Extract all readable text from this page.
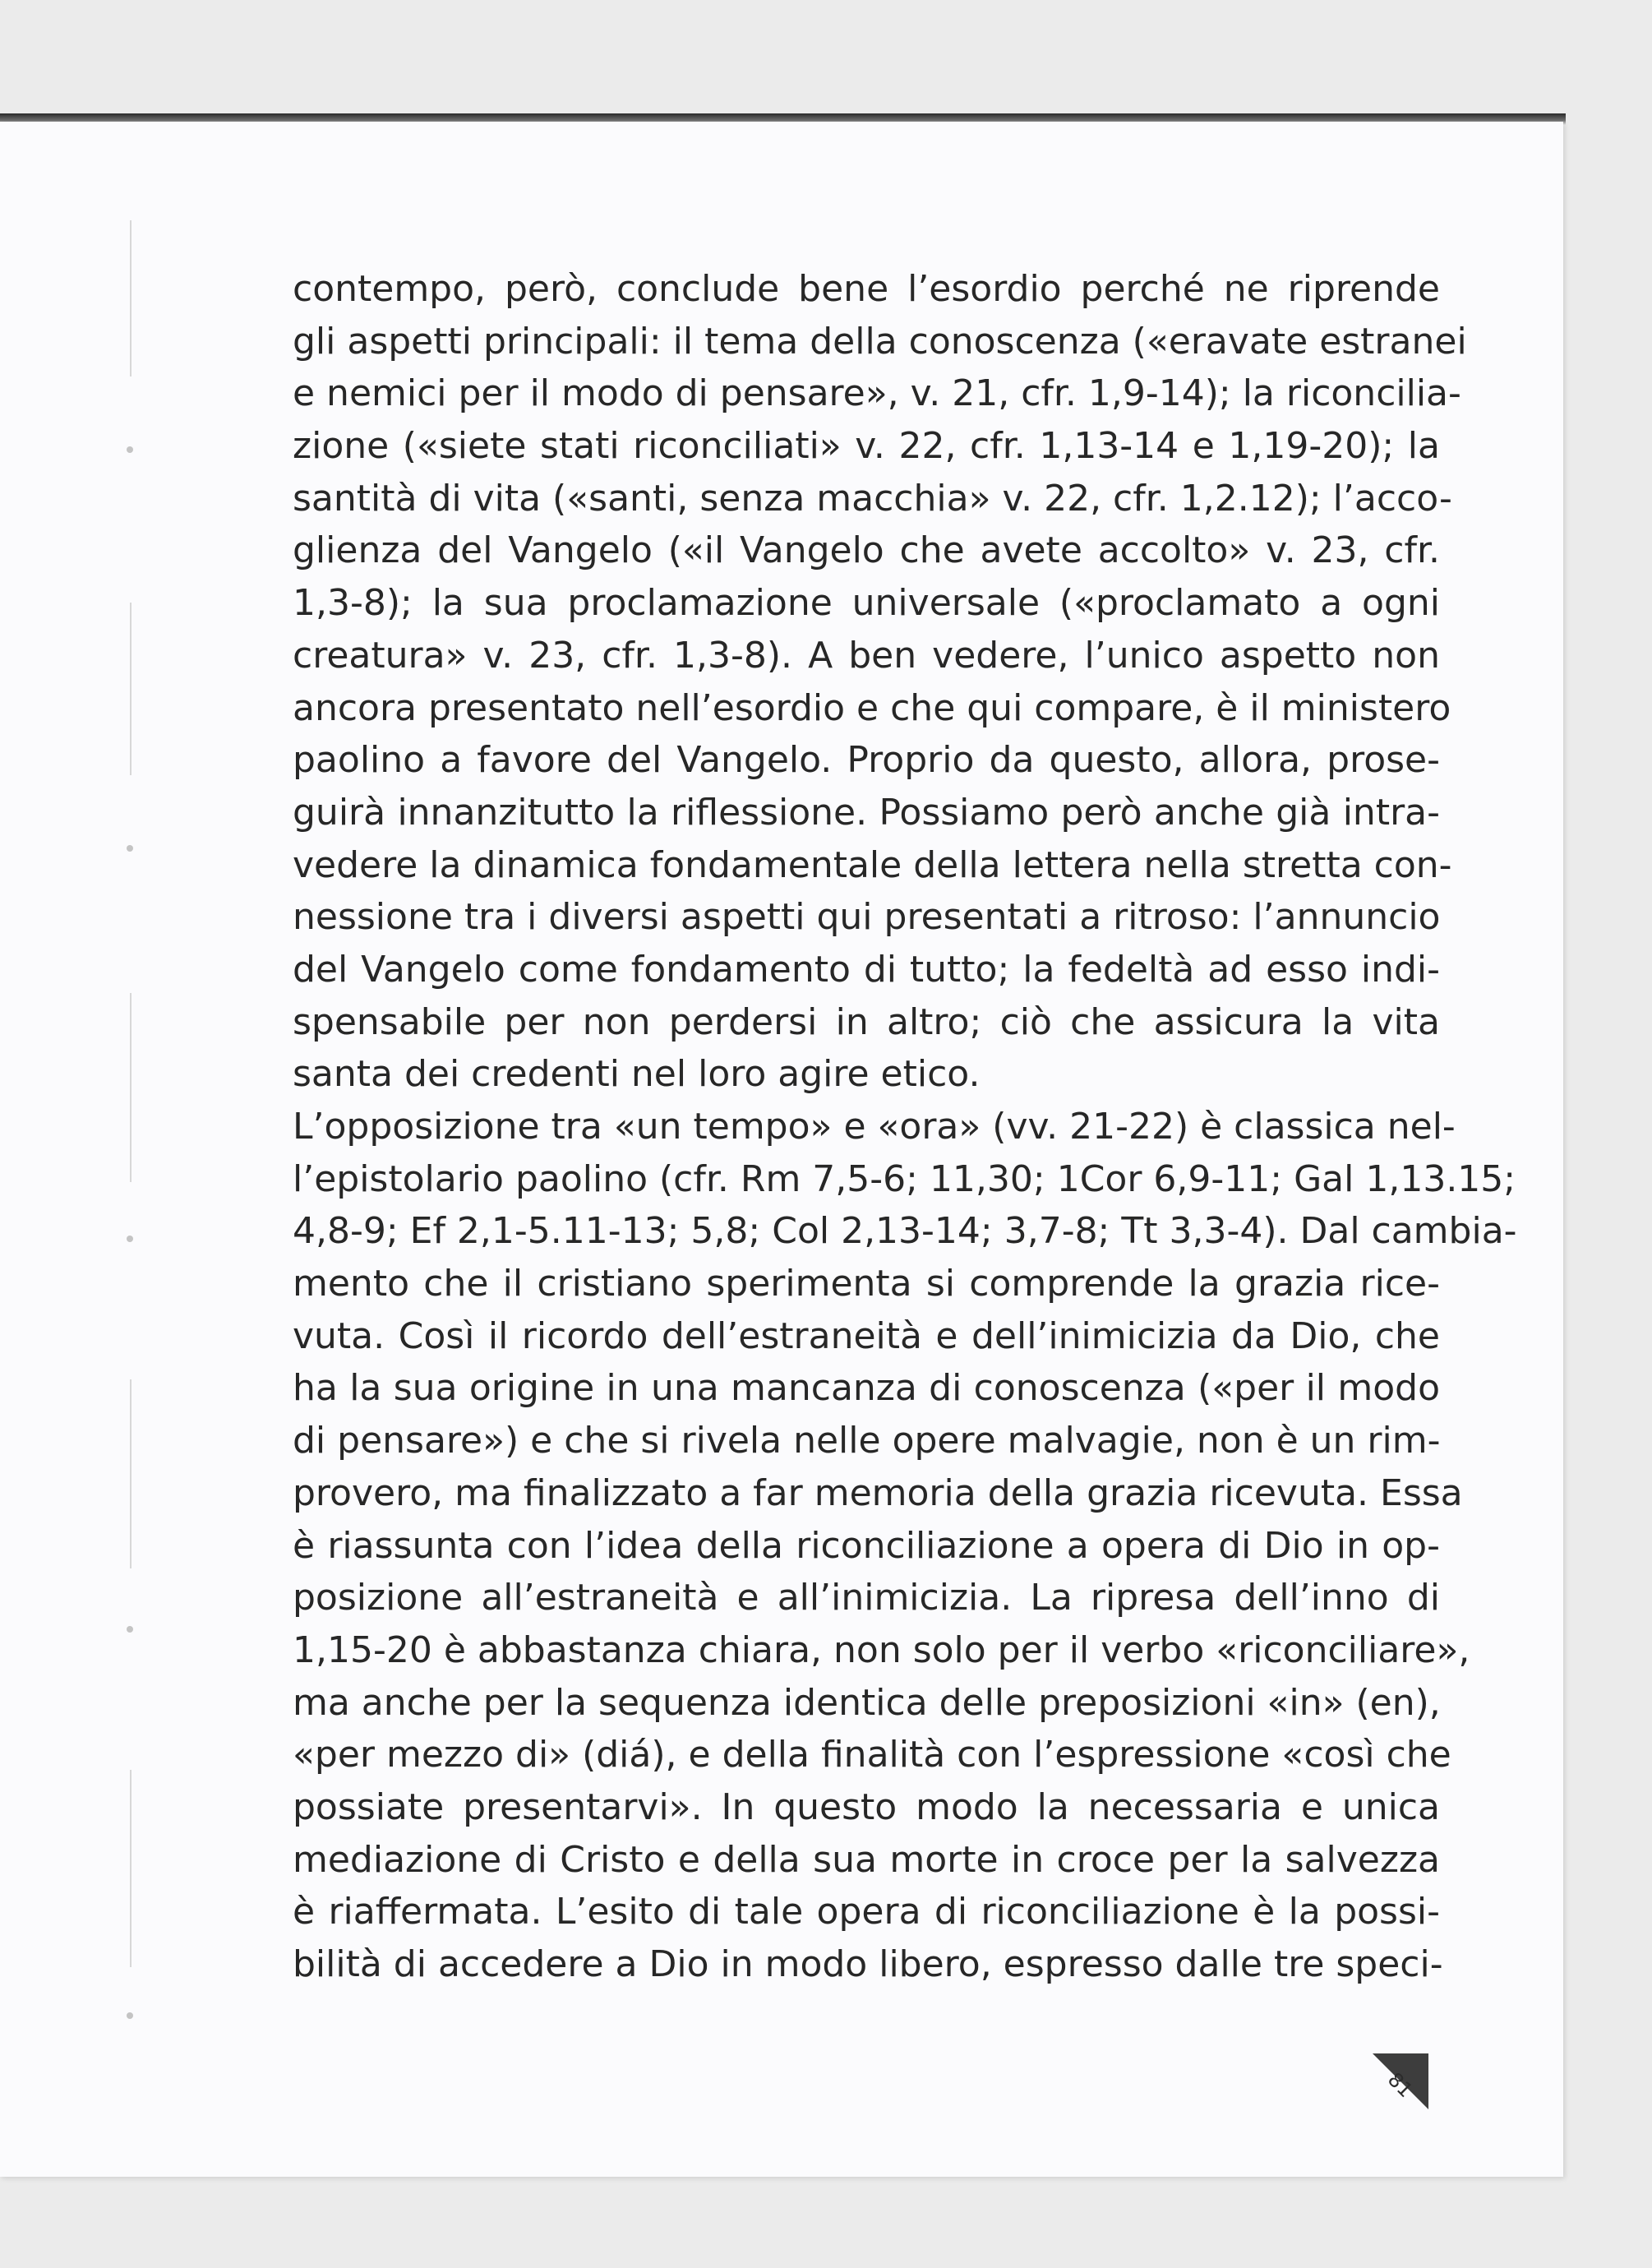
contempo, però, conclude bene l’esordio perché ne riprende
gli aspetti principali: il tema della conoscenza («eravate estranei
e nemici per il modo di pensare», v. 21, cfr. 1,9-14); la riconcilia-
zione («siete stati riconciliati» v. 22, cfr. 1,13-14 e 1,19-20); la
santità di vita («santi, senza macchia» v. 22, cfr. 1,2.12); l’acco-
glienza del Vangelo («il Vangelo che avete accolto» v. 23, cfr.
1,3-8); la sua proclamazione universale («proclamato a ogni
creatura» v. 23, cfr. 1,3-8). A ben vedere, l’unico aspetto non
ancora presentato nell’esordio e che qui compare, è il ministero
paolino a favore del Vangelo. Proprio da questo, allora, prose-
guirà innanzitutto la riflessione. Possiamo però anche già intra-
vedere la dinamica fondamentale della lettera nella stretta con-
nessione tra i diversi aspetti qui presentati a ritroso: l’annuncio
del Vangelo come fondamento di tutto; la fedeltà ad esso indi-
spensabile per non perdersi in altro; ciò che assicura la vita
santa dei credenti nel loro agire etico.
L’opposizione tra «un tempo» e «ora» (vv. 21-22) è classica nel-
l’epistolario paolino (cfr. Rm 7,5-6; 11,30; 1Cor 6,9-11; Gal 1,13.15;
4,8-9; Ef 2,1-5.11-13; 5,8; Col 2,13-14; 3,7-8; Tt 3,3-4). Dal cambia-
mento che il cristiano sperimenta si comprende la grazia rice-
vuta. Così il ricordo dell’estraneità e dell’inimicizia da Dio, che
ha la sua origine in una mancanza di conoscenza («per il modo
di pensare») e che si rivela nelle opere malvagie, non è un rim-
provero, ma finalizzato a far memoria della grazia ricevuta. Essa
è riassunta con l’idea della riconciliazione a opera di Dio in op-
posizione all’estraneità e all’inimicizia. La ripresa dell’inno di
1,15-20 è abbastanza chiara, non solo per il verbo «riconciliare»,
ma anche per la sequenza identica delle preposizioni «in» (en),
«per mezzo di» (diá), e della finalità con l’espressione «così che
possiate presentarvi». In questo modo la necessaria e unica
mediazione di Cristo e della sua morte in croce per la salvezza
è riaffermata. L’esito di tale opera di riconciliazione è la possi-
bilità di accedere a Dio in modo libero, espresso dalle tre speci-
81
